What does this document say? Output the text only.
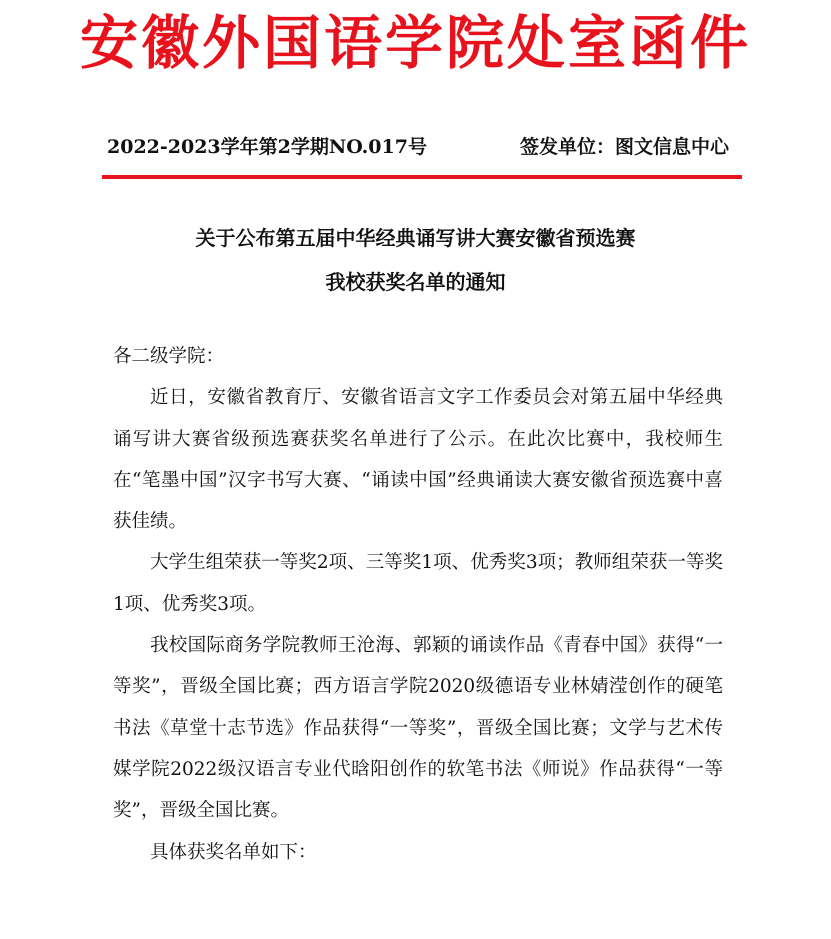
安徽外国语学院处室函件
2022-2023学年第2学期NO.017号	签发单位：图文信息中心
关于公布第五届中华经典诵写讲大赛安徽省预选赛
我校获奖名单的通知

各二级学院：

近日，安徽省教育厅、安徽省语言文字工作委员会对第五届中华经典诵写讲大赛省级预选赛获奖名单进行了公示。在此次比赛中，我校师生在“笔墨中国”汉字书写大赛、“诵读中国”经典诵读大赛安徽省预选赛中喜获佳绩。

大学生组荣获一等奖2项、三等奖1项、优秀奖3项；教师组荣获一等奖1项、优秀奖3项。

我校国际商务学院教师王沧海、郭颖的诵读作品《青春中国》获得“一等奖”，晋级全国比赛；西方语言学院2020级德语专业林婧滢创作的硬笔书法《草堂十志节选》作品获得“一等奖”，晋级全国比赛；文学与艺术传媒学院2022级汉语言专业代晗阳创作的软笔书法《师说》作品获得“一等奖”，晋级全国比赛。

具体获奖名单如下：
